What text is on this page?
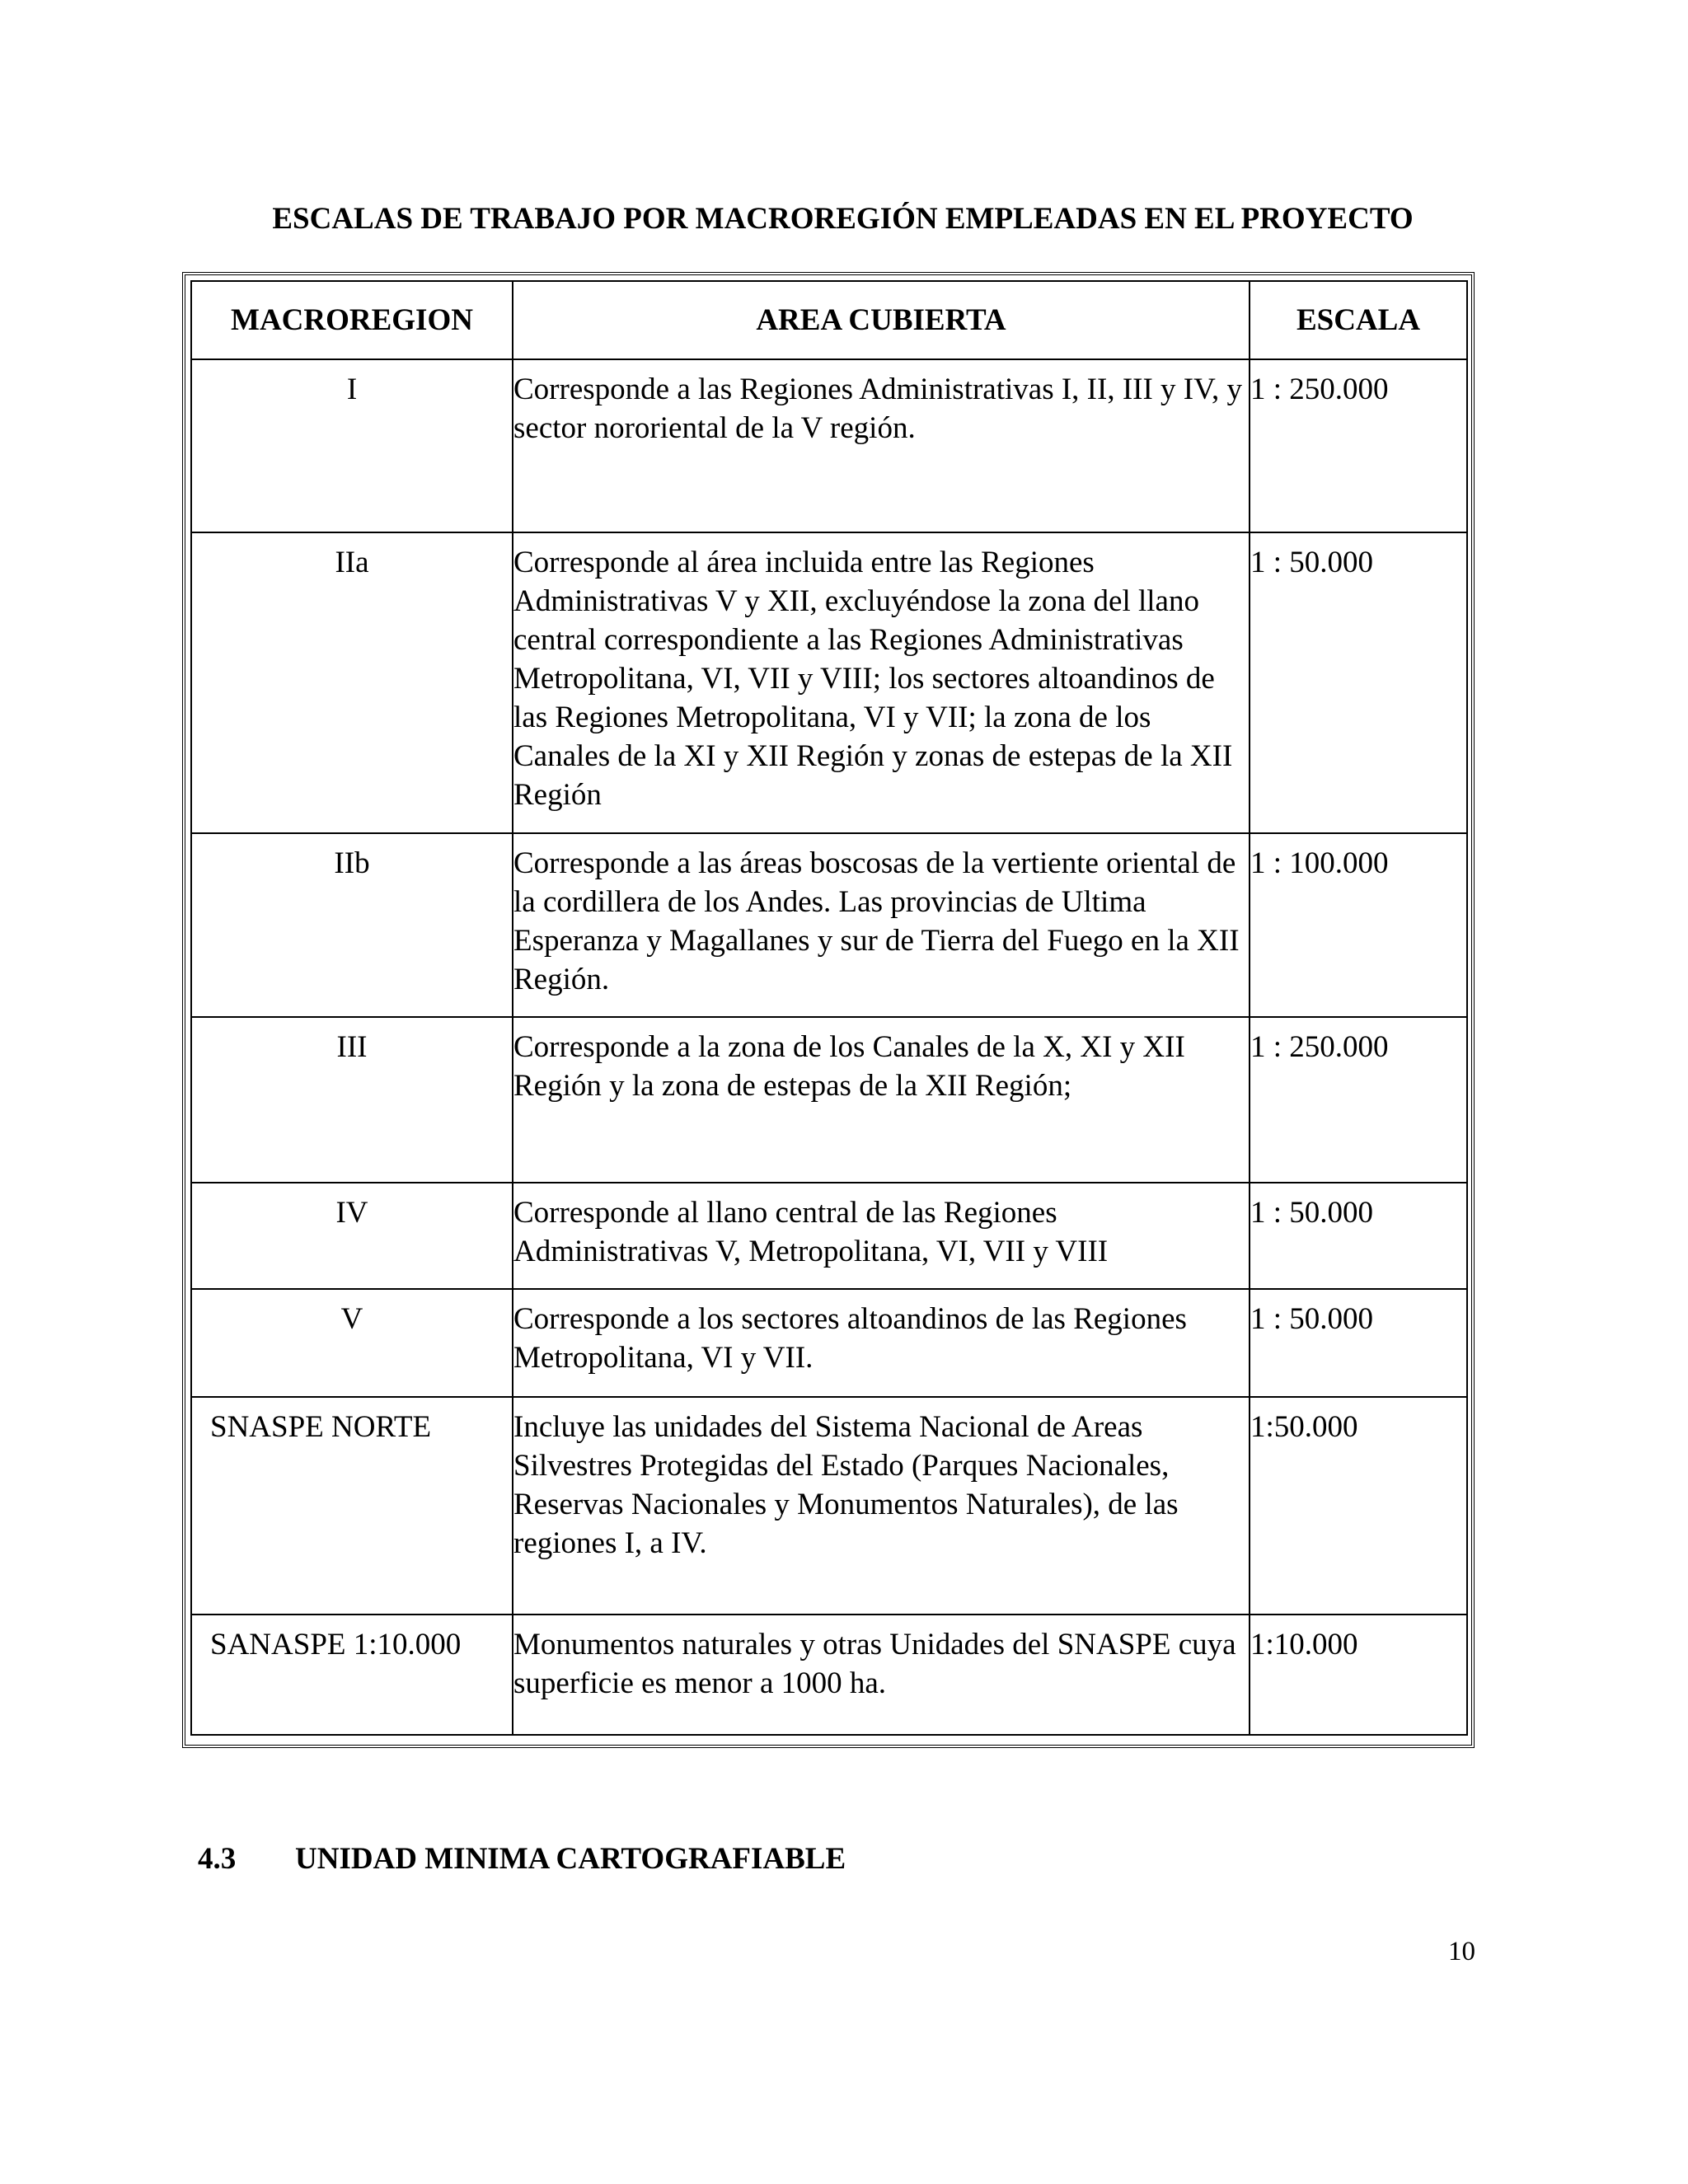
ESCALAS DE TRABAJO POR MACROREGIÓN EMPLEADAS EN EL PROYECTO
MACROREGION	AREA CUBIERTA	ESCALA
I	Corresponde a las Regiones Administrativas I, II, III y IV, y sector nororiental de la V región.	1 : 250.000
IIa	Corresponde al área incluida entre las Regiones Administrativas V y XII, excluyéndose la zona del llano central correspondiente a las Regiones Administrativas Metropolitana, VI, VII y VIII; los sectores altoandinos de las Regiones Metropolitana, VI y VII; la zona de los Canales de la XI y XII Región y zonas de estepas de la XII Región	1 : 50.000
IIb	Corresponde a las áreas boscosas de la vertiente oriental de la cordillera de los Andes. Las provincias de Ultima Esperanza y Magallanes y sur de Tierra del Fuego en la XII Región.	1 : 100.000
III	Corresponde a la zona de los Canales de la X, XI y XII Región y la zona de estepas de la XII Región;	1 : 250.000
IV	Corresponde al llano central de las Regiones Administrativas V, Metropolitana, VI, VII y VIII	1 : 50.000
V	Corresponde a los sectores altoandinos de las Regiones Metropolitana, VI y VII.	1 : 50.000
SNASPE NORTE	Incluye las unidades del Sistema Nacional de Areas Silvestres Protegidas del Estado (Parques Nacionales, Reservas Nacionales y Monumentos Naturales), de las regiones I, a IV.	1:50.000
SANASPE 1:10.000	Monumentos naturales y otras Unidades del SNASPE cuya superficie es menor a 1000 ha.	1:10.000
4.3 UNIDAD MINIMA CARTOGRAFIABLE
10
